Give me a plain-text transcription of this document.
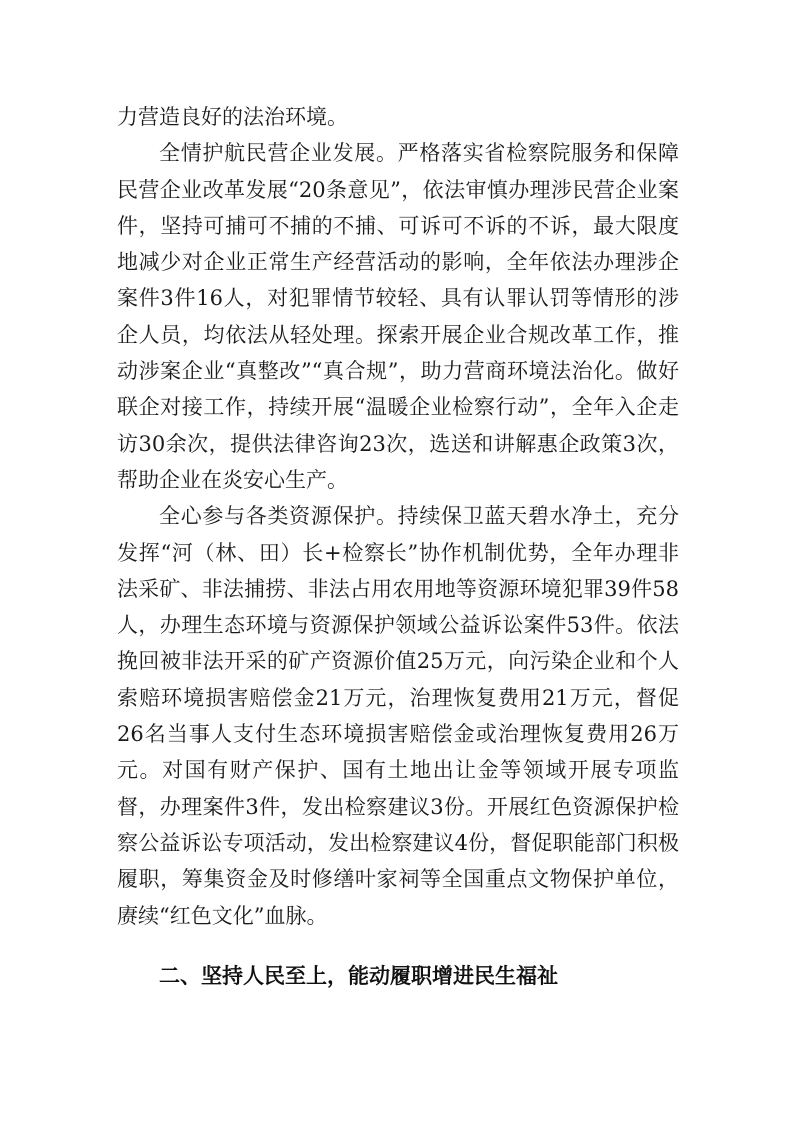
力营造良好的法治环境。

全情护航民营企业发展。严格落实省检察院服务和保障民营企业改革发展“20条意见”，依法审慎办理涉民营企业案件，坚持可捕可不捕的不捕、可诉可不诉的不诉，最大限度地减少对企业正常生产经营活动的影响，全年依法办理涉企案件3件16人，对犯罪情节较轻、具有认罪认罚等情形的涉企人员，均依法从轻处理。探索开展企业合规改革工作，推动涉案企业“真整改”“真合规”，助力营商环境法治化。做好联企对接工作，持续开展“温暖企业检察行动”，全年入企走访30余次，提供法律咨询23次，选送和讲解惠企政策3次，帮助企业在炎安心生产。

全心参与各类资源保护。持续保卫蓝天碧水净土，充分发挥“河（林、田）长+检察长”协作机制优势，全年办理非法采矿、非法捕捞、非法占用农用地等资源环境犯罪39件58人，办理生态环境与资源保护领域公益诉讼案件53件。依法挽回被非法开采的矿产资源价值25万元，向污染企业和个人索赔环境损害赔偿金21万元，治理恢复费用21万元，督促26名当事人支付生态环境损害赔偿金或治理恢复费用26万元。对国有财产保护、国有土地出让金等领域开展专项监督，办理案件3件，发出检察建议3份。开展红色资源保护检察公益诉讼专项活动，发出检察建议4份，督促职能部门积极履职，筹集资金及时修缮叶家祠等全国重点文物保护单位，赓续“红色文化”血脉。

二、坚持人民至上，能动履职增进民生福祉
